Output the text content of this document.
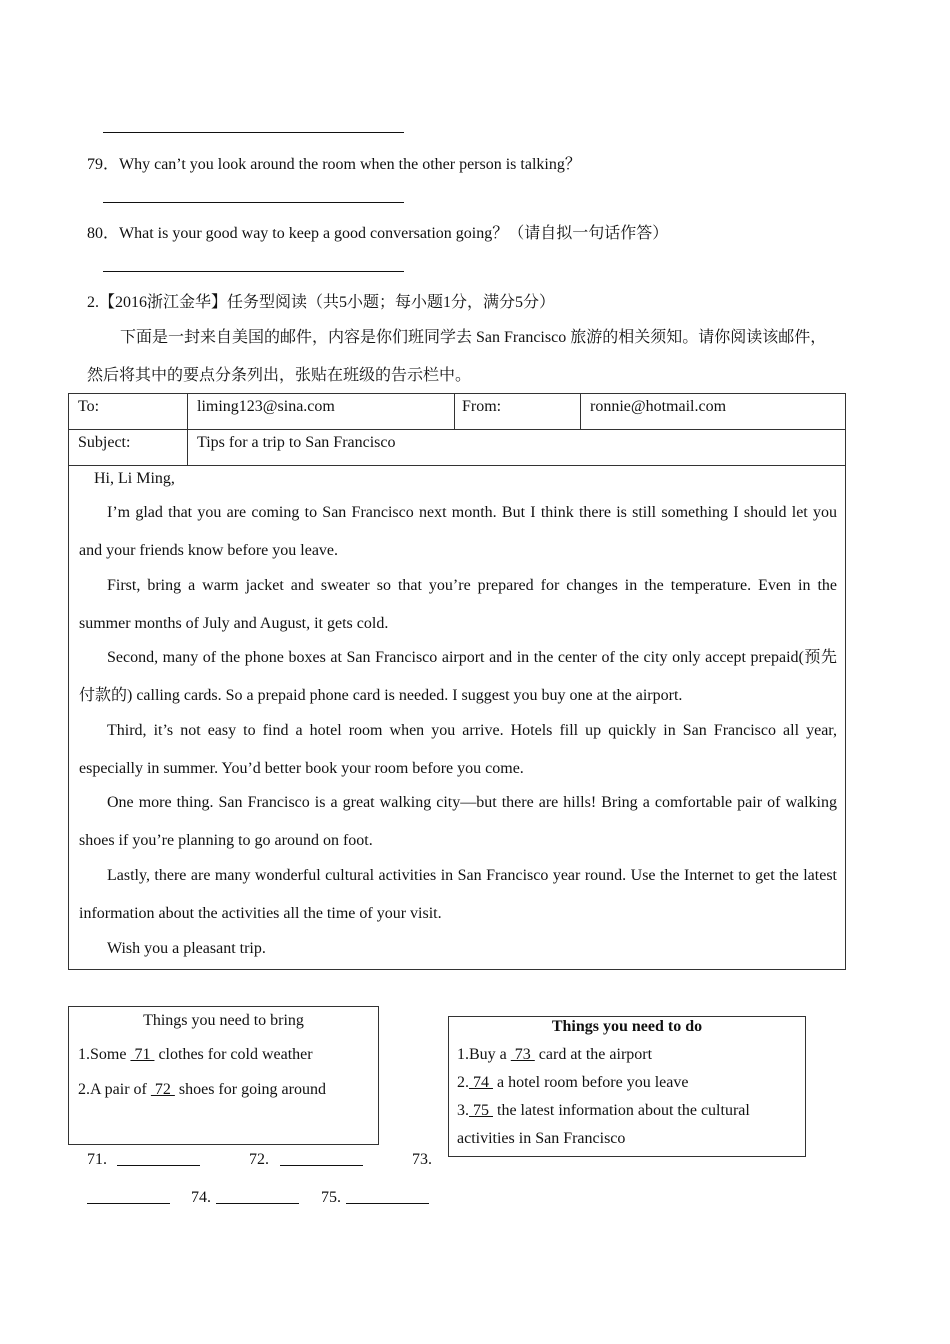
79．Why can’t you look around the room when the other person is talking？
80．What is your good way to keep a good conversation going？（请自拟一句话作答）
2.【2016浙江金华】任务型阅读（共5小题；每小题1分，满分5分）
下面是一封来自美国的邮件，内容是你们班同学去 San Francisco 旅游的相关须知。请你阅读该邮件，
然后将其中的要点分条列出，张贴在班级的告示栏中。
To:	liming123@sina.com	From:	ronnie@hotmail.com
Subject:	Tips for a trip to San Francisco
Hi, Li Ming,
I’m glad that you are coming to San Francisco next month. But I think there is still something I should let you and your friends know before you leave.
First, bring a warm jacket and sweater so that you’re prepared for changes in the temperature. Even in the summer months of July and August, it gets cold.
Second, many of the phone boxes at San Francisco airport and in the center of the city only accept prepaid(预先付款的) calling cards. So a prepaid phone card is needed. I suggest you buy one at the airport.
Third, it’s not easy to find a hotel room when you arrive. Hotels fill up quickly in San Francisco all year, especially in summer. You’d better book your room before you come.
One more thing. San Francisco is a great walking city—but there are hills! Bring a comfortable pair of walking shoes if you’re planning to go around on foot.
Lastly, there are many wonderful cultural activities in San Francisco year round. Use the Internet to get the latest information about the activities all the time of your visit.
Wish you a pleasant trip.
Things you need to bring
1.Some  71  clothes for cold weather
2.A pair of  72  shoes for going around
Things you need to do
1.Buy a  73  card at the airport
2. 74  a hotel room before you leave
3. 75  the latest information about the cultural
activities in San Francisco
71.	72.	73.
74.	75.
